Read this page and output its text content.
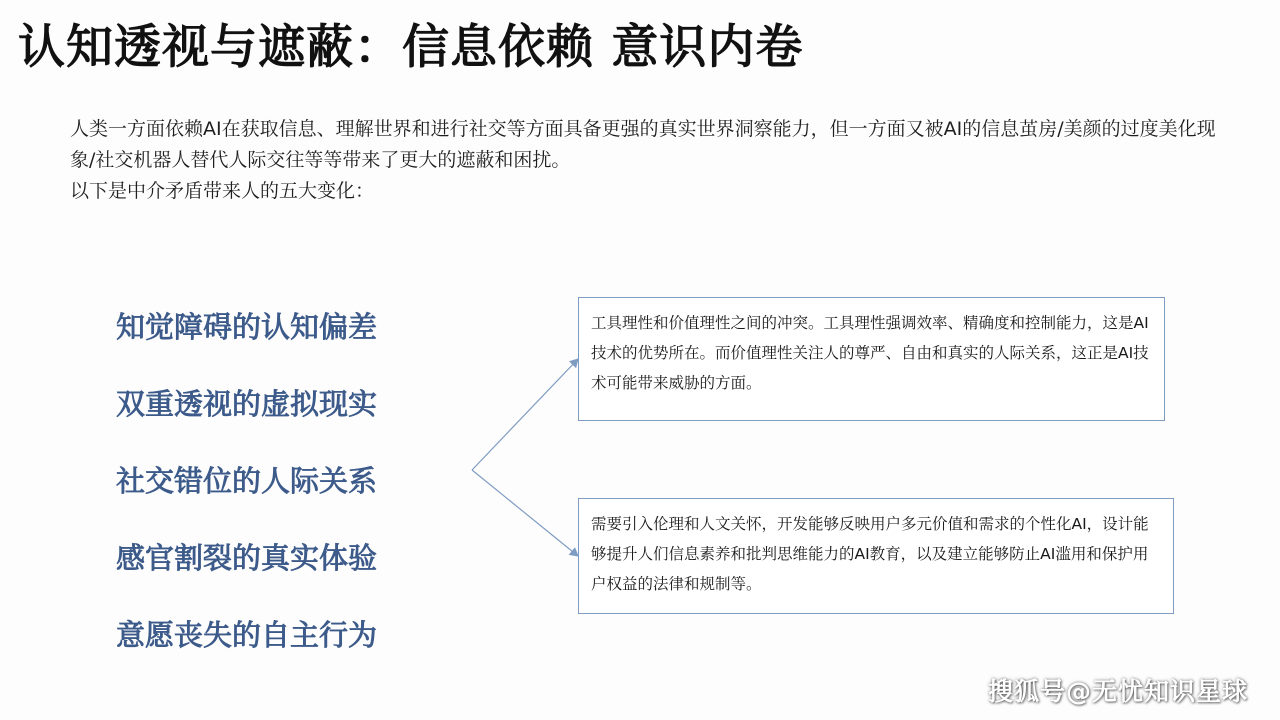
认知透视与遮蔽：信息依赖 意识内卷

人类一方面依赖AI在获取信息、理解世界和进行社交等方面具备更强的真实世界洞察能力，但一方面又被AI的信息茧房/美颜的过度美化现象/社交机器人替代人际交往等等带来了更大的遮蔽和困扰。

以下是中介矛盾带来人的五大变化：

知觉障碍的认知偏差
双重透视的虚拟现实
社交错位的人际关系
感官割裂的真实体验
意愿丧失的自主行为
工具理性和价值理性之间的冲突。工具理性强调效率、精确度和控制能力，这是AI技术的优势所在。而价值理性关注人的尊严、自由和真实的人际关系，这正是AI技术可能带来威胁的方面。
需要引入伦理和人文关怀，开发能够反映用户多元价值和需求的个性化AI，设计能够提升人们信息素养和批判思维能力的AI教育，以及建立能够防止AI滥用和保护用户权益的法律和规制等。
搜狐号@无忧知识星球
